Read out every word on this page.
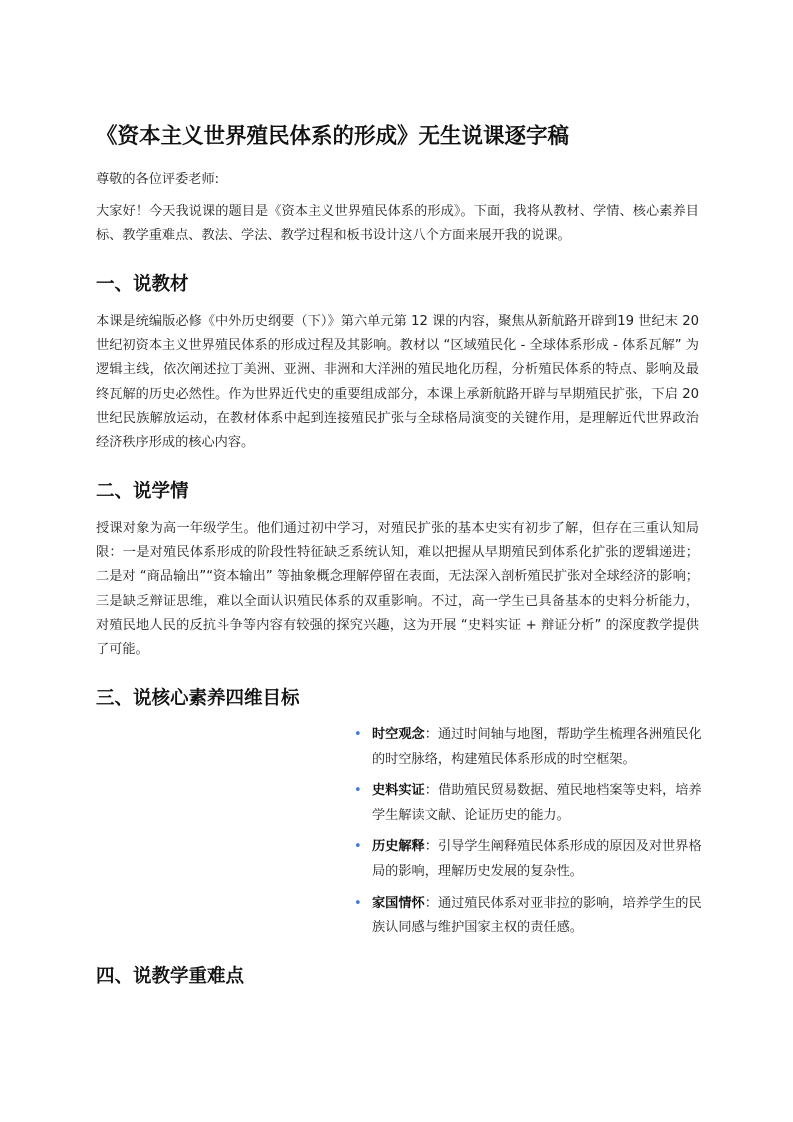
《资本主义世界殖民体系的形成》无生说课逐字稿

尊敬的各位评委老师:

大家好！今天我说课的题目是《资本主义世界殖民体系的形成》。下面，我将从教材、学情、核心素养目标、教学重难点、教法、学法、教学过程和板书设计这八个方面来展开我的说课。

一、说教材

本课是统编版必修《中外历史纲要（下）》第六单元第 12 课的内容，聚焦从新航路开辟到19 世纪末 20 世纪初资本主义世界殖民体系的形成过程及其影响。教材以 “区域殖民化 - 全球体系形成 - 体系瓦解” 为逻辑主线，依次阐述拉丁美洲、亚洲、非洲和大洋洲的殖民地化历程，分析殖民体系的特点、影响及最终瓦解的历史必然性。作为世界近代史的重要组成部分，本课上承新航路开辟与早期殖民扩张，下启 20 世纪民族解放运动，在教材体系中起到连接殖民扩张与全球格局演变的关键作用，是理解近代世界政治经济秩序形成的核心内容。

二、说学情

授课对象为高一年级学生。他们通过初中学习，对殖民扩张的基本史实有初步了解，但存在三重认知局限：一是对殖民体系形成的阶段性特征缺乏系统认知，难以把握从早期殖民到体系化扩张的逻辑递进；二是对 “商品输出”“资本输出” 等抽象概念理解停留在表面，无法深入剖析殖民扩张对全球经济的影响；三是缺乏辩证思维，难以全面认识殖民体系的双重影响。不过，高一学生已具备基本的史料分析能力，对殖民地人民的反抗斗争等内容有较强的探究兴趣，这为开展 “史料实证 + 辩证分析” 的深度教学提供了可能。

三、说核心素养四维目标
• 时空观念：通过时间轴与地图，帮助学生梳理各洲殖民化的时空脉络，构建殖民体系形成的时空框架。
• 史料实证：借助殖民贸易数据、殖民地档案等史料，培养学生解读文献、论证历史的能力。
• 历史解释：引导学生阐释殖民体系形成的原因及对世界格局的影响，理解历史发展的复杂性。
• 家国情怀：通过殖民体系对亚非拉的影响，培养学生的民族认同感与维护国家主权的责任感。
四、说教学重难点
